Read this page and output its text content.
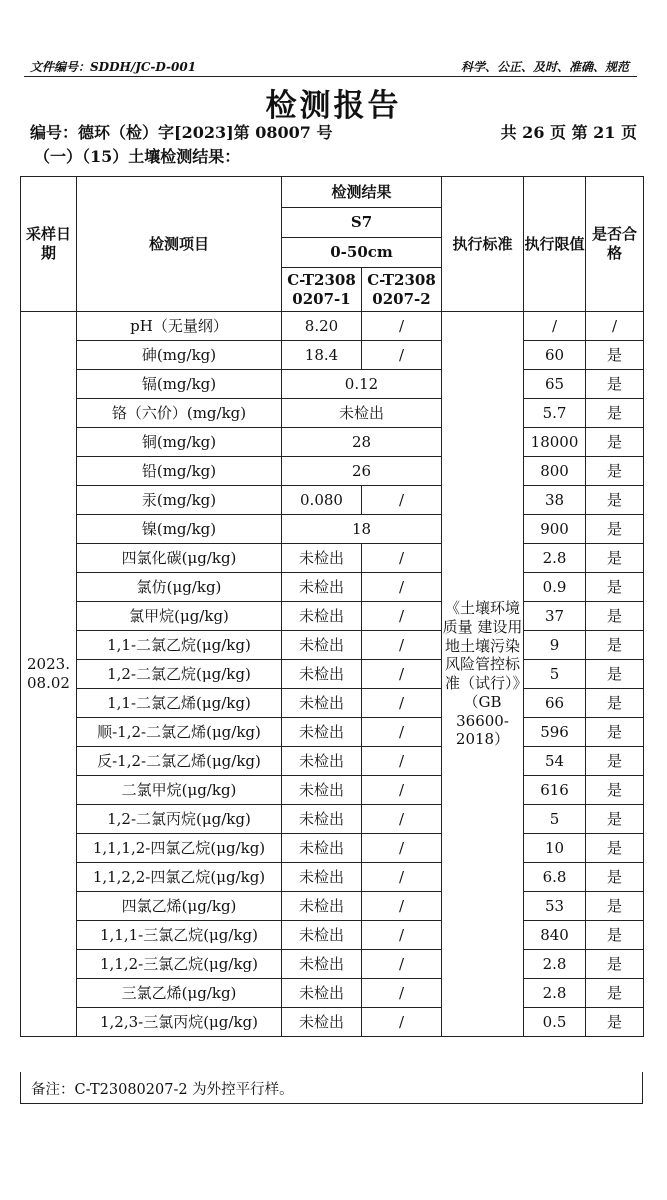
文件编号：SDDH/JC-D-001	科学、公正、及时、准确、规范
检测报告
编号：德环（检）字[2023]第 08007 号	共 26 页 第 21 页
（一）（15）土壤检测结果：
采样日期	检测项目	检测结果		执行标准	执行限值	是否合格
		S7				
		0-50cm				
		C-T2308 0207-1	C-T2308 0207-2			
2023. 08.02	pH（无量纲）	8.20	/	《土壤环境质量 建设用地土壤污染风险管控标准（试行）》（GB 36600-2018）	/	/
	砷(mg/kg)	18.4	/		60	是
	镉(mg/kg)	0.12			65	是
	铬（六价）(mg/kg)	未检出			5.7	是
	铜(mg/kg)	28			18000	是
	铅(mg/kg)	26			800	是
	汞(mg/kg)	0.080	/		38	是
	镍(mg/kg)	18			900	是
	四氯化碳(μg/kg)	未检出	/		2.8	是
	氯仿(μg/kg)	未检出	/		0.9	是
	氯甲烷(μg/kg)	未检出	/		37	是
	1,1-二氯乙烷(μg/kg)	未检出	/		9	是
	1,2-二氯乙烷(μg/kg)	未检出	/		5	是
	1,1-二氯乙烯(μg/kg)	未检出	/		66	是
	顺-1,2-二氯乙烯(μg/kg)	未检出	/		596	是
	反-1,2-二氯乙烯(μg/kg)	未检出	/		54	是
	二氯甲烷(μg/kg)	未检出	/		616	是
	1,2-二氯丙烷(μg/kg)	未检出	/		5	是
	1,1,1,2-四氯乙烷(μg/kg)	未检出	/		10	是
	1,1,2,2-四氯乙烷(μg/kg)	未检出	/		6.8	是
	四氯乙烯(μg/kg)	未检出	/		53	是
	1,1,1-三氯乙烷(μg/kg)	未检出	/		840	是
	1,1,2-三氯乙烷(μg/kg)	未检出	/		2.8	是
	三氯乙烯(μg/kg)	未检出	/		2.8	是
	1,2,3-三氯丙烷(μg/kg)	未检出	/		0.5	是
备注：C-T23080207-2 为外控平行样。
